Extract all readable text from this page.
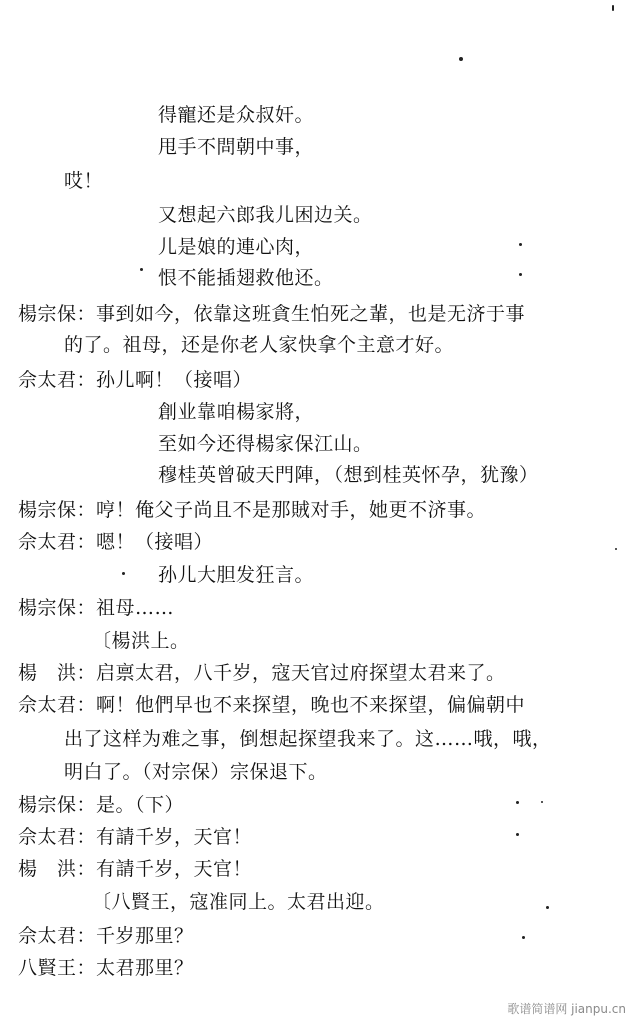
得寵还是众叔奸。
甩手不問朝中事，
哎！
又想起六郎我儿困边关。
儿是娘的連心肉，
恨不能插翅救他还。
楊宗保：事到如今，依靠这班貪生怕死之輩，也是无济于事
的了。祖母，还是你老人家快拿个主意才好。
佘太君：孙儿啊！（接唱）
創业靠咱楊家將，
至如今还得楊家保江山。
穆桂英曾破天門陣，（想到桂英怀孕，犹豫）
楊宗保：哼！俺父子尚且不是那賊对手，她更不济事。
佘太君：嗯！（接唱）
孙儿大胆发狂言。
楊宗保：祖母……
〔楊洪上。
楊　洪：启禀太君，八千岁，寇天官过府探望太君来了。
佘太君：啊！他們早也不来探望，晚也不来探望，偏偏朝中
出了这样为难之事，倒想起探望我来了。这……哦，哦，
明白了。（对宗保）宗保退下。
楊宗保：是。（下）
佘太君：有請千岁，天官！
楊　洪：有請千岁，天官！
〔八賢王，寇准同上。太君出迎。
佘太君：千岁那里？
八賢王：太君那里？
歌谱简谱网 jianpu.cn
